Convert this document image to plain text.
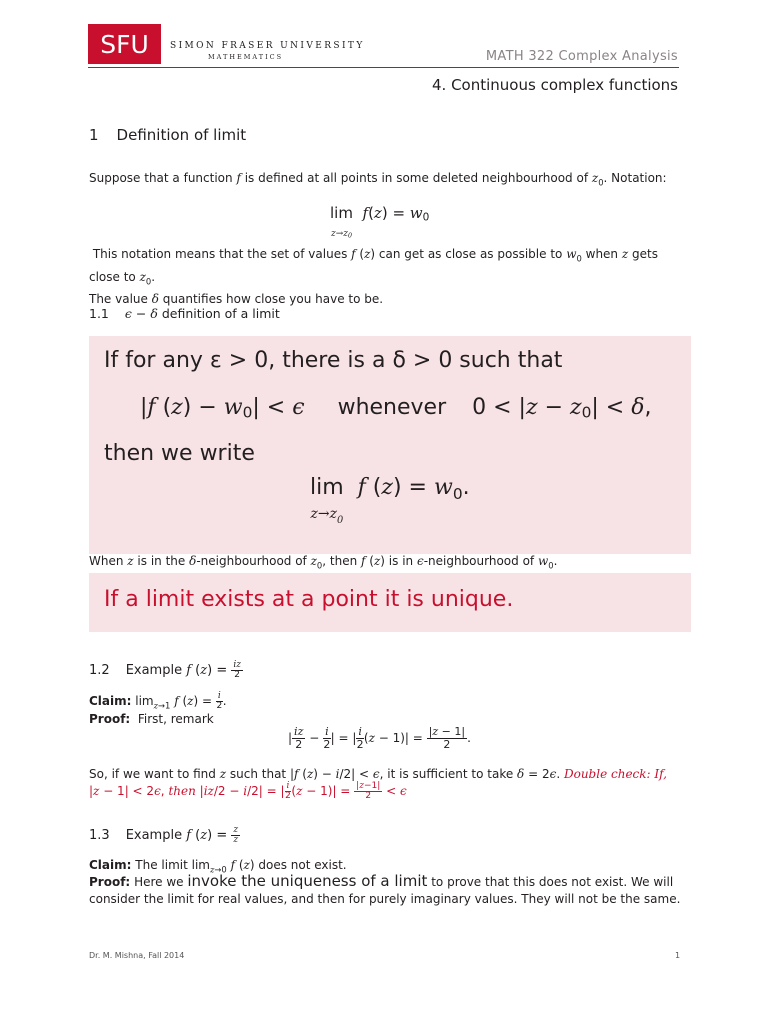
SFU SIMON FRASER UNIVERSITY
MATHEMATICS	MATH 322 Complex Analysis
4. Continuous complex functions
1 Definition of limit
Suppose that a function f is defined at all points in some deleted neighbourhood of $z_0$. Notation:
lim
$z\to z_0$  $f(z) = w_0$
This notation means that the set of values f (z) can get as close as possible to $w_0$ when z gets close to $z_0$.
The value δ quantifies how close you have to be.
1.1 ϵ − δ definition of a limit
If for any ε > 0, there is a δ > 0 such that
|f $(z) - w_0| < \epsilon$ whenever $0 < |z - z_0| < \delta$,
then we write
lim
$z\to z_0$  f $(z) = w_0$.
When z is in the δ-neighbourhood of $z_0$, then f (z) is in ϵ-neighbourhood of $w_0$.
If a limit exists at a point it is unique.
1.2 Example f $(z) = \frac{iz}{2}$
Claim: $\lim_{z\to 1} f$ $(z) = \frac{i}{2}$ .
Proof: First, remark
| $\frac{iz}{2} - \frac{i}{2}$ | = | $\frac{i}{2} (z - 1)| = \frac{|z - 1|}{2}$ .
So, if we want to find z such that |f (z) − i/2| < ϵ, it is sufficient to take δ = 2ϵ. Double check: If,
|z − 1| < 2ϵ, then |iz/2 − i/2| = | $\frac{i}{2} (z - 1)| = \frac{|z-1|}{2} < \epsilon$
1.3 Example f $(z) = \frac{z}{z̄}$
Claim: The limit $\lim_{z\to 0} f$ (z) does not exist.
Proof: Here we invoke the uniqueness of a limit to prove that this does not exist. We will
consider the limit for real values, and then for purely imaginary values. They will not be the same.
Dr. M. Mishna, Fall 2014	1
